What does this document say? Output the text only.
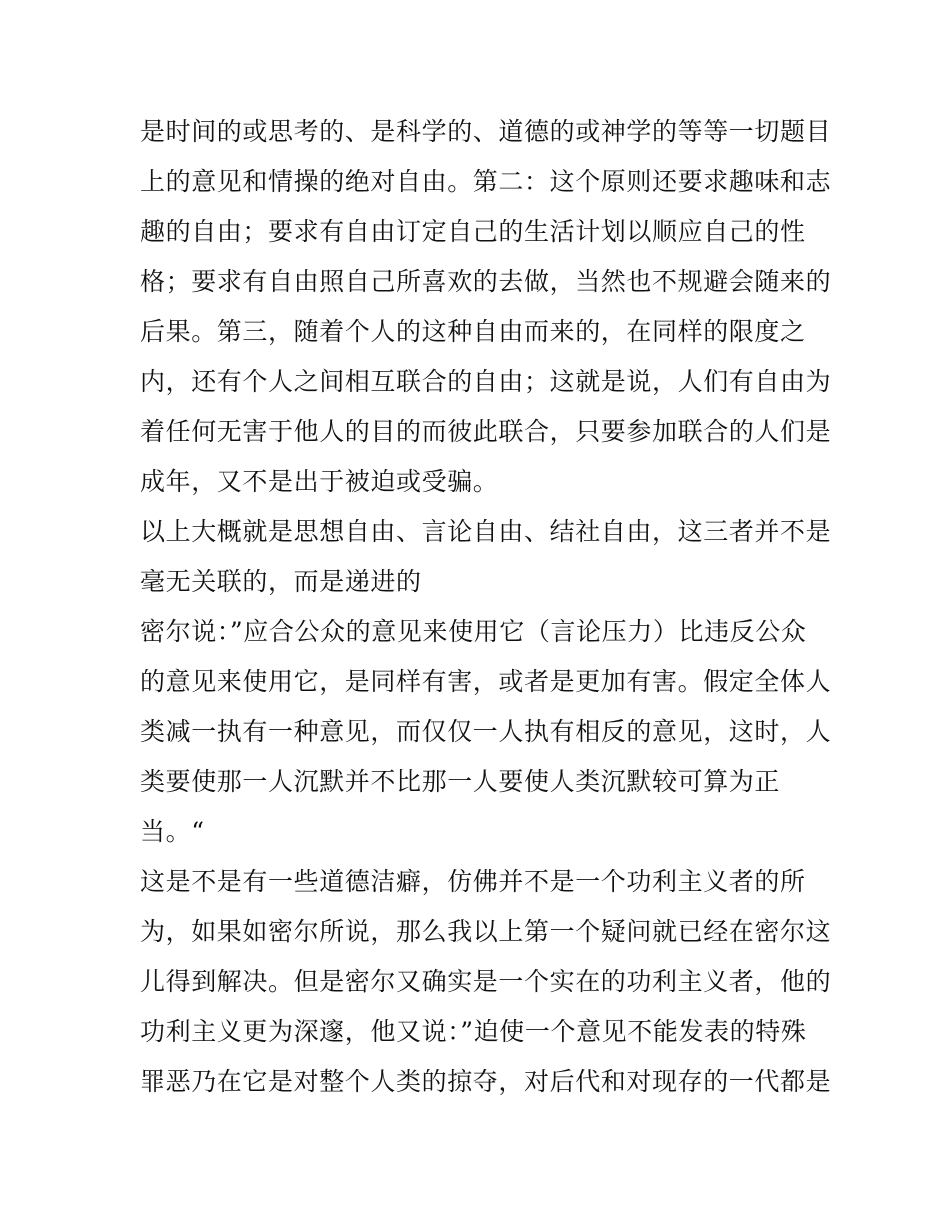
是时间的或思考的、是科学的、道德的或神学的等等一切题目
上的意见和情操的绝对自由。第二：这个原则还要求趣味和志
趣的自由；要求有自由订定自己的生活计划以顺应自己的性
格；要求有自由照自己所喜欢的去做，当然也不规避会随来的
后果。第三，随着个人的这种自由而来的，在同样的限度之
内，还有个人之间相互联合的自由；这就是说，人们有自由为
着任何无害于他人的目的而彼此联合，只要参加联合的人们是
成年，又不是出于被迫或受骗。
以上大概就是思想自由、言论自由、结社自由，这三者并不是
毫无关联的，而是递进的
密尔说：”应合公众的意见来使用它（言论压力）比违反公众
的意见来使用它，是同样有害，或者是更加有害。假定全体人
类减一执有一种意见，而仅仅一人执有相反的意见，这时，人
类要使那一人沉默并不比那一人要使人类沉默较可算为正
当。“
这是不是有一些道德洁癖，仿佛并不是一个功利主义者的所
为，如果如密尔所说，那么我以上第一个疑问就已经在密尔这
儿得到解决。但是密尔又确实是一个实在的功利主义者，他的
功利主义更为深邃，他又说：”迫使一个意见不能发表的特殊
罪恶乃在它是对整个人类的掠夺，对后代和对现存的一代都是
